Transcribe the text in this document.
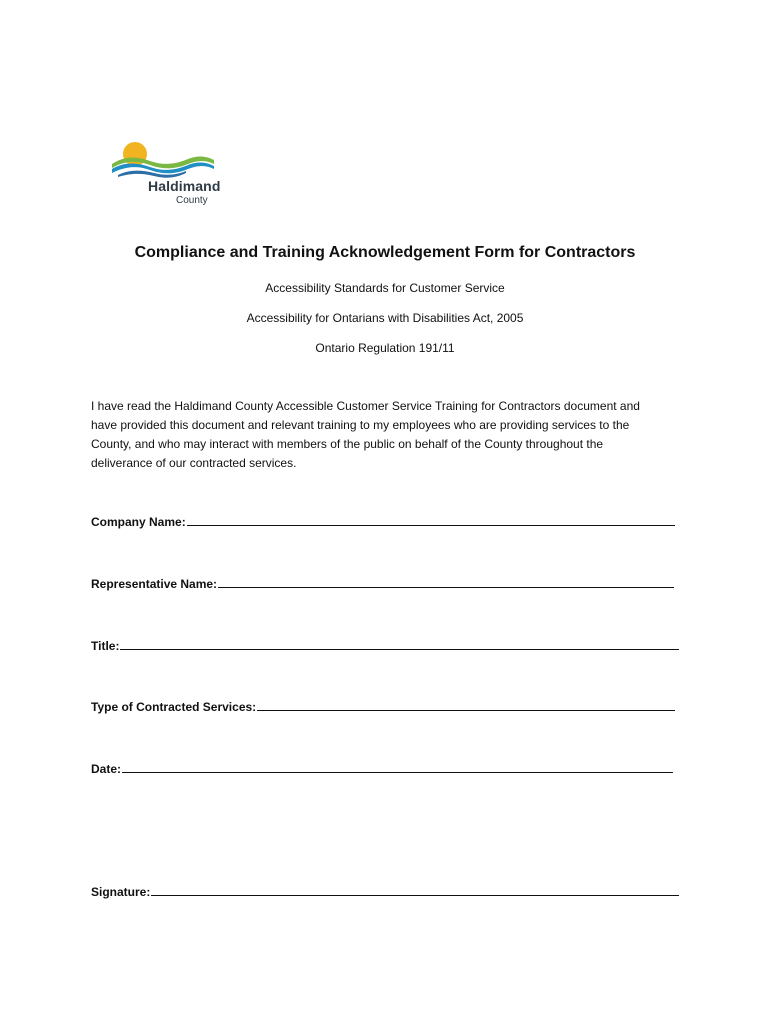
Haldimand
County
Compliance and Training Acknowledgement Form for Contractors
Accessibility Standards for Customer Service
Accessibility for Ontarians with Disabilities Act, 2005
Ontario Regulation 191/11
I have read the Haldimand County Accessible Customer Service Training for Contractors document and
have provided this document and relevant training to my employees who are providing services to the
County, and who may interact with members of the public on behalf of the County throughout the
deliverance of our contracted services.
Company Name:
Representative Name:
Title:
Type of Contracted Services:
Date:
Signature:
